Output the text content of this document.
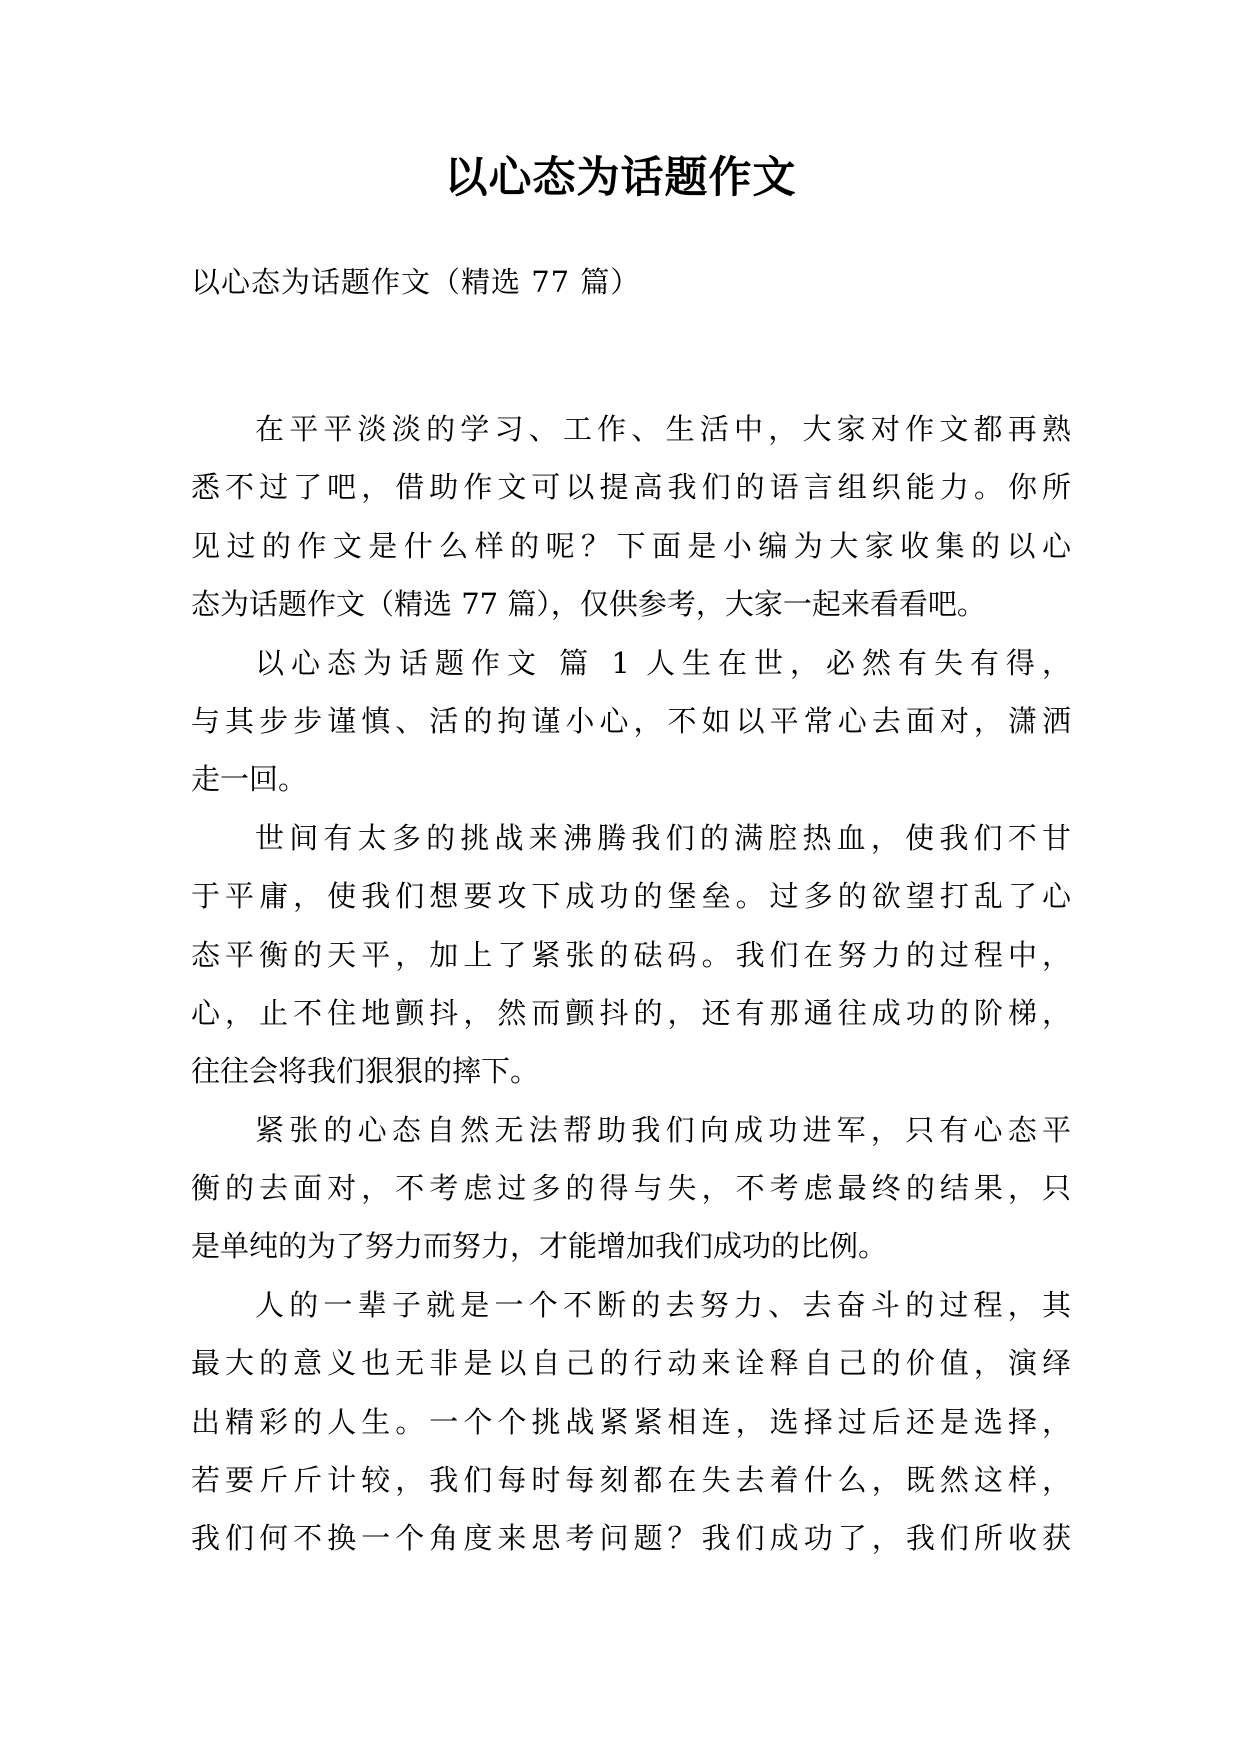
以心态为话题作文
以心态为话题作文（精选 77 篇）
在平平淡淡的学习、工作、生活中，大家对作文都再熟
悉不过了吧，借助作文可以提高我们的语言组织能力。你所
见过的作文是什么样的呢？下面是小编为大家收集的以心
态为话题作文（精选 77 篇），仅供参考，大家一起来看看吧。
以心态为话题作文 篇 1 人生在世，必然有失有得，
与其步步谨慎、活的拘谨小心，不如以平常心去面对，潇洒
走一回。
世间有太多的挑战来沸腾我们的满腔热血，使我们不甘
于平庸，使我们想要攻下成功的堡垒。过多的欲望打乱了心
态平衡的天平，加上了紧张的砝码。我们在努力的过程中，
心，止不住地颤抖，然而颤抖的，还有那通往成功的阶梯，
往往会将我们狠狠的摔下。
紧张的心态自然无法帮助我们向成功进军，只有心态平
衡的去面对，不考虑过多的得与失，不考虑最终的结果，只
是单纯的为了努力而努力，才能增加我们成功的比例。
人的一辈子就是一个不断的去努力、去奋斗的过程，其
最大的意义也无非是以自己的行动来诠释自己的价值，演绎
出精彩的人生。一个个挑战紧紧相连，选择过后还是选择，
若要斤斤计较，我们每时每刻都在失去着什么，既然这样，
我们何不换一个角度来思考问题？我们成功了，我们所收获
